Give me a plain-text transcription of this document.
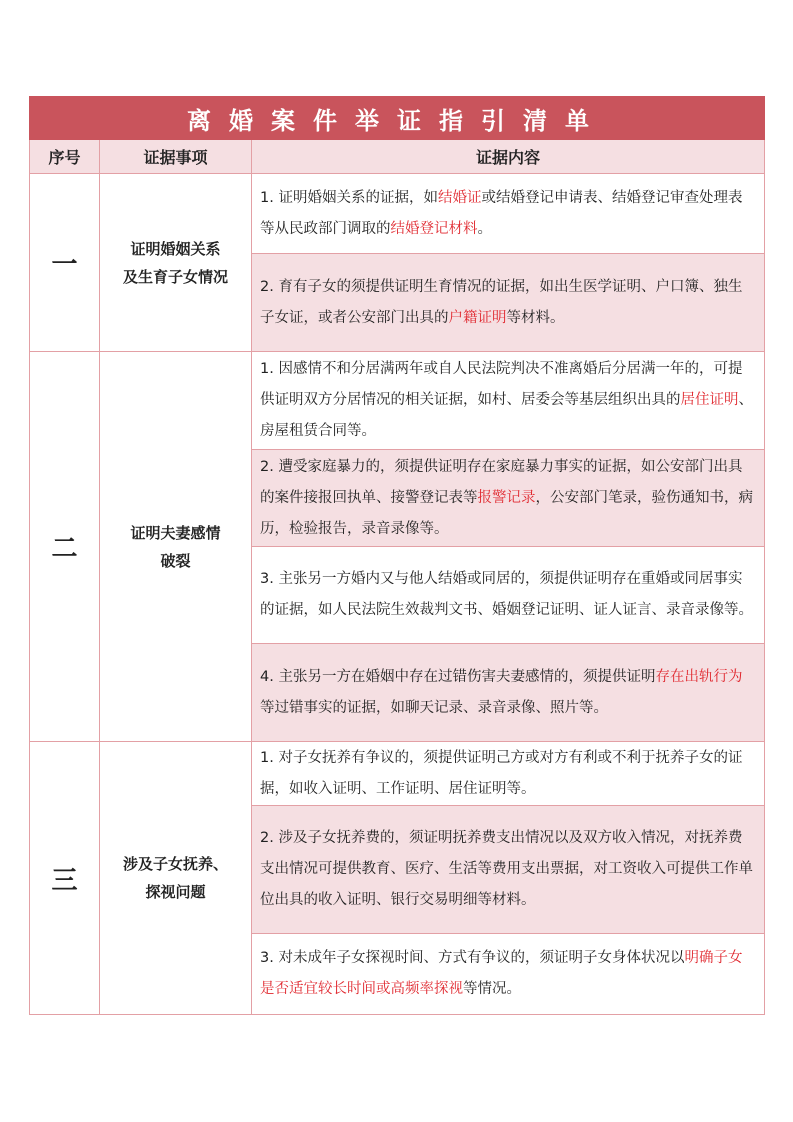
离婚案件举证指引清单
序号	证据事项	证据内容
一
证明婚姻关系
及生育子女情况

1. 证明婚姻关系的证据，如结婚证或结婚登记申请表、结婚登记审查处理表等从民政部门调取的结婚登记材料。

2. 育有子女的须提供证明生育情况的证据，如出生医学证明、户口簿、独生子女证，或者公安部门出具的户籍证明等材料。

二
证明夫妻感情
破裂

1. 因感情不和分居满两年或自人民法院判决不准离婚后分居满一年的，可提供证明双方分居情况的相关证据，如村、居委会等基层组织出具的居住证明、房屋租赁合同等。

2. 遭受家庭暴力的，须提供证明存在家庭暴力事实的证据，如公安部门出具的案件接报回执单、接警登记表等报警记录，公安部门笔录，验伤通知书，病历，检验报告，录音录像等。

3. 主张另一方婚内又与他人结婚或同居的，须提供证明存在重婚或同居事实的证据，如人民法院生效裁判文书、婚姻登记证明、证人证言、录音录像等。

4. 主张另一方在婚姻中存在过错伤害夫妻感情的，须提供证明存在出轨行为等过错事实的证据，如聊天记录、录音录像、照片等。

三
涉及子女抚养、
探视问题

1. 对子女抚养有争议的，须提供证明己方或对方有利或不利于抚养子女的证据，如收入证明、工作证明、居住证明等。

2. 涉及子女抚养费的，须证明抚养费支出情况以及双方收入情况，对抚养费支出情况可提供教育、医疗、生活等费用支出票据，对工资收入可提供工作单位出具的收入证明、银行交易明细等材料。

3. 对未成年子女探视时间、方式有争议的，须证明子女身体状况以明确子女是否适宜较长时间或高频率探视等情况。
